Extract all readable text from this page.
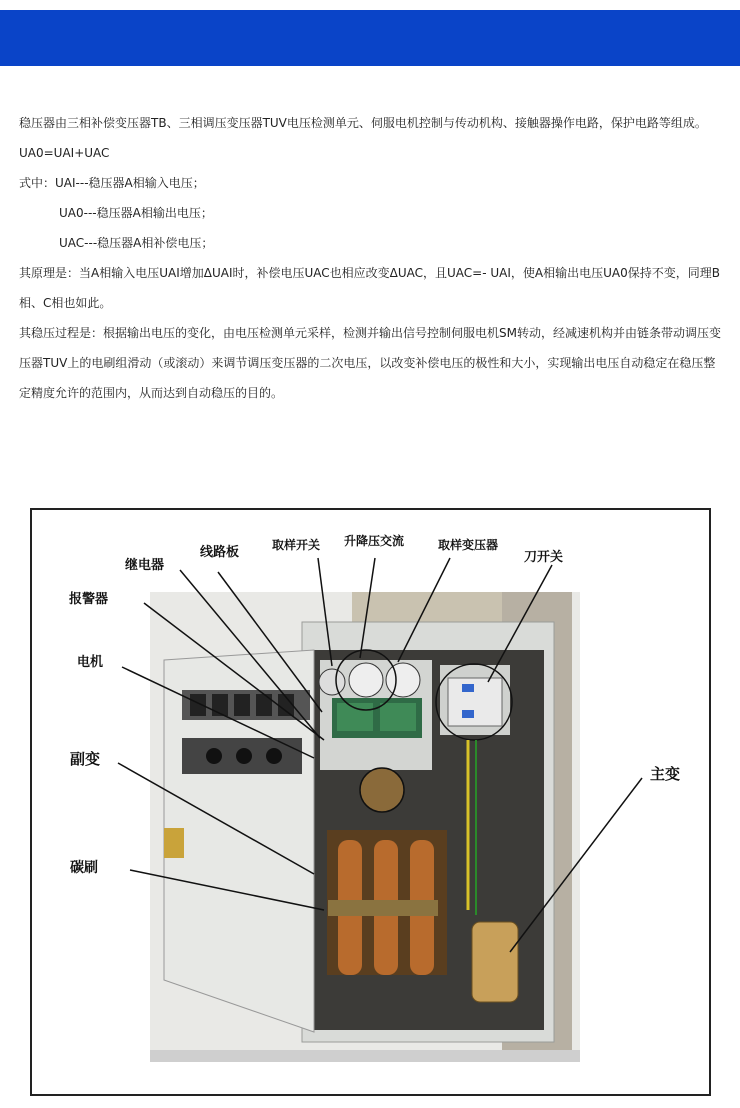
稳压器由三相补偿变压器TB、三相调压变压器TUV电压检测单元、伺服电机控制与传动机构、接触器操作电路，保护电路等组成。

UA0=UAI+UAC

式中：UAI---稳压器A相输入电压；

UA0---稳压器A相输出电压；

UAC---稳压器A相补偿电压；

其原理是：当A相输入电压UAI增加ΔUAI时，补偿电压UAC也相应改变ΔUAC，且UAC=- UAI，使A相输出电压UA0保持不变，同理B相、C相也如此。

其稳压过程是：根据输出电压的变化，由电压检测单元采样，检测并输出信号控制伺服电机SM转动，经减速机构并由链条带动调压变压器TUV上的电刷组滑动（或滚动）来调节调压变压器的二次电压，以改变补偿电压的极性和大小，实现输出电压自动稳定在稳压整定精度允许的范围内，从而达到自动稳压的目的。

继电器
线路板	取样开关 升降压交流	取样变压器
刀开关
报警器
电机
副变
碳刷
主变
